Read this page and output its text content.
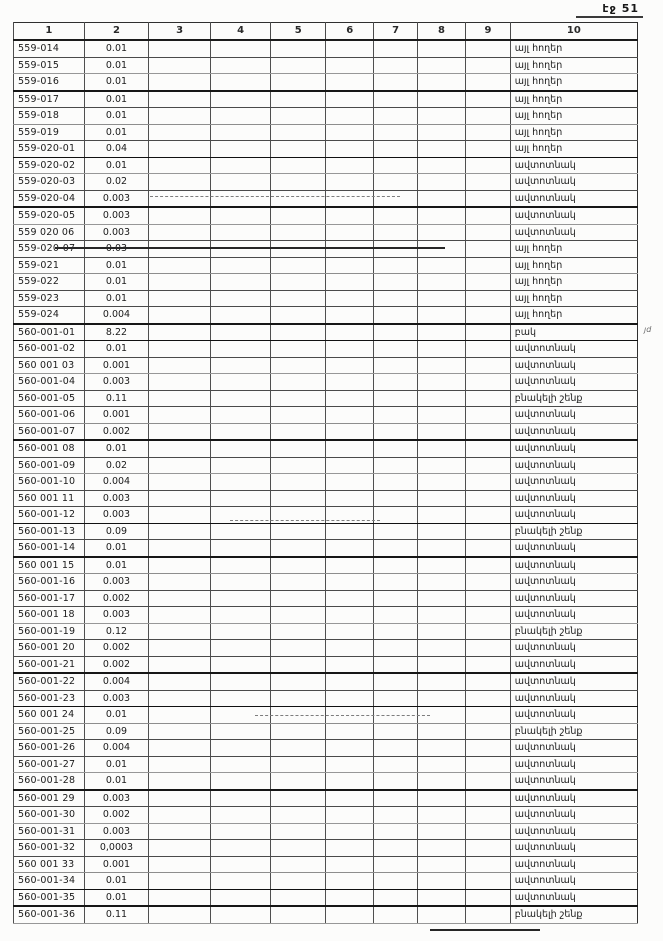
էջ 51
1	2	3	4	5	6	7	8	9	10
559-014	0.01								այլ հողեր
559-015	0.01								այլ հողեր
559-016	0.01								այլ հողեր
559-017	0.01								այլ հողեր
559-018	0.01								այլ հողեր
559-019	0.01								այլ հողեր
559-020-01	0.04								այլ հողեր
559-020-02	0.01								ավտոտնակ
559-020-03	0.02								ավտոտնակ
559-020-04	0.003								ավտոտնակ
559-020-05	0.003								ավտոտնակ
559 020 06	0.003								ավտոտնակ
559-020-07	0.03								այլ հողեր
559-021	0.01								այլ հողեր
559-022	0.01								այլ հողեր
559-023	0.01								այլ հողեր
559-024	0.004								այլ հողեր
560-001-01	8.22								բակ
560-001-02	0.01								ավտոտնակ
560 001 03	0.001								ավտոտնակ
560-001-04	0.003								ավտոտնակ
560-001-05	0.11								բնակելի շենք
560-001-06	0.001								ավտոտնակ
560-001-07	0.002								ավտոտնակ
560-001 08	0.01								ավտոտնակ
560-001-09	0.02								ավտոտնակ
560-001-10	0.004								ավտոտնակ
560 001 11	0.003								ավտոտնակ
560-001-12	0.003								ավտոտնակ
560-001-13	0.09								բնակելի շենք
560-001-14	0.01								ավտոտնակ
560 001 15	0.01								ավտոտնակ
560-001-16	0.003								ավտոտնակ
560-001-17	0.002								ավտոտնակ
560-001 18	0.003								ավտոտնակ
560-001-19	0.12								բնակելի շենք
560-001 20	0.002								ավտոտնակ
560-001-21	0.002								ավտոտնակ
560-001-22	0.004								ավտոտնակ
560-001-23	0.003								ավտոտնակ
560 001 24	0.01								ավտոտնակ
560-001-25	0.09								բնակելի շենք
560-001-26	0.004								ավտոտնակ
560-001-27	0.01								ավտոտնակ
560-001-28	0.01								ավտոտնակ
560-001 29	0.003								ավտոտնակ
560-001-30	0.002								ավտոտնակ
560-001-31	0.003								ավտոտնակ
560-001-32	0,0003								ավտոտնակ
560 001 33	0.001								ավտոտնակ
560-001-34	0.01								ավտոտնակ
560-001-35	0.01								ավտոտնակ
560-001-36	0.11								բնակելի շենք
յd
